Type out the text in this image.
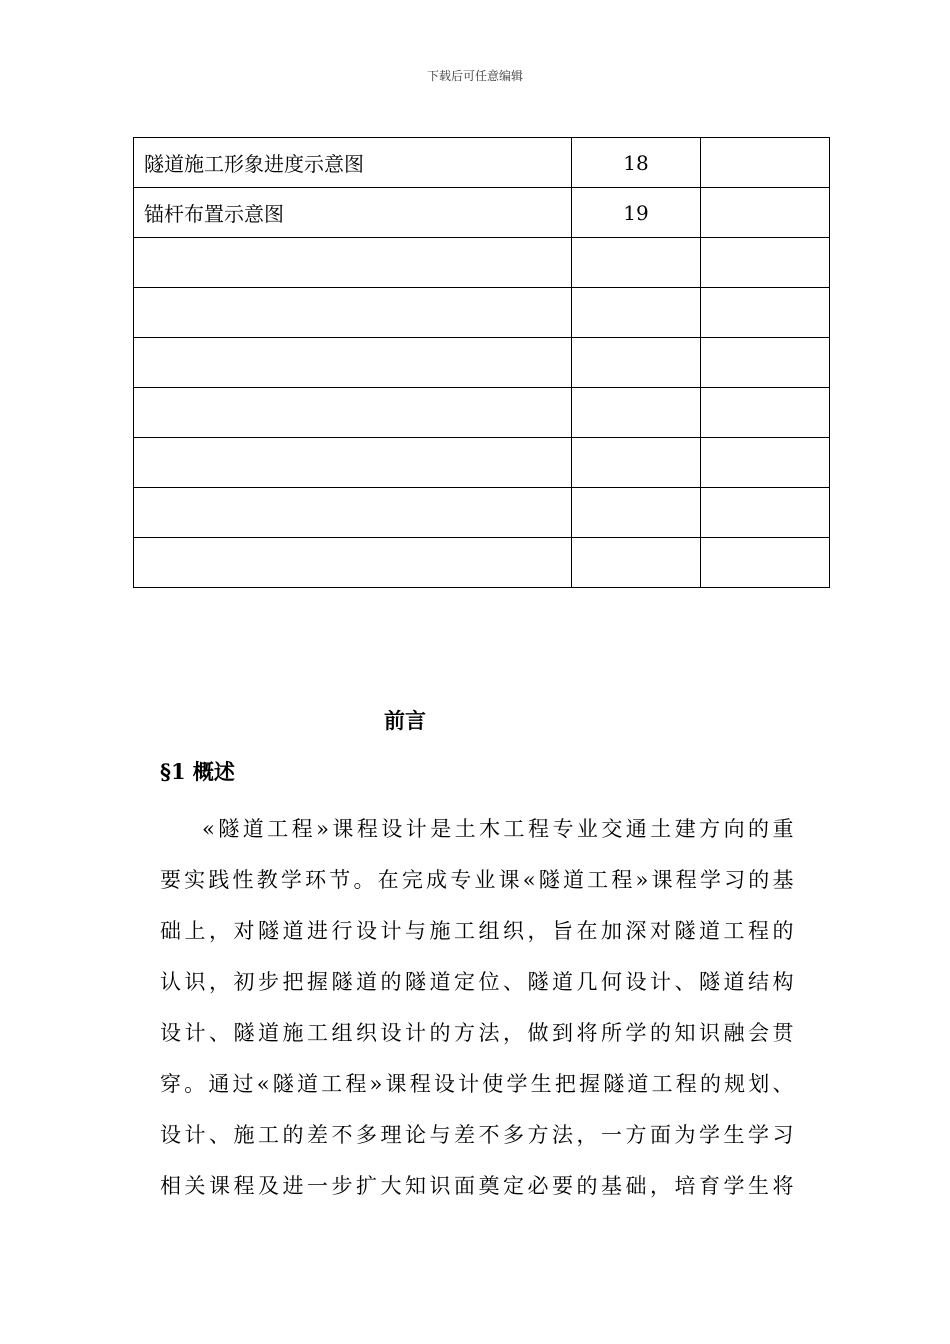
下载后可任意编辑
隧道施工形象进度示意图	18	
锚杆布置示意图	19	

前言
§1 概述
«隧道工程»课程设计是土木工程专业交通土建方向的重
要实践性教学环节。在完成专业课«隧道工程»课程学习的基
础上，对隧道进行设计与施工组织，旨在加深对隧道工程的
认识，初步把握隧道的隧道定位、隧道几何设计、隧道结构
设计、隧道施工组织设计的方法，做到将所学的知识融会贯
穿。通过«隧道工程»课程设计使学生把握隧道工程的规划、
设计、施工的差不多理论与差不多方法，一方面为学生学习
相关课程及进一步扩大知识面奠定必要的基础，培育学生将
